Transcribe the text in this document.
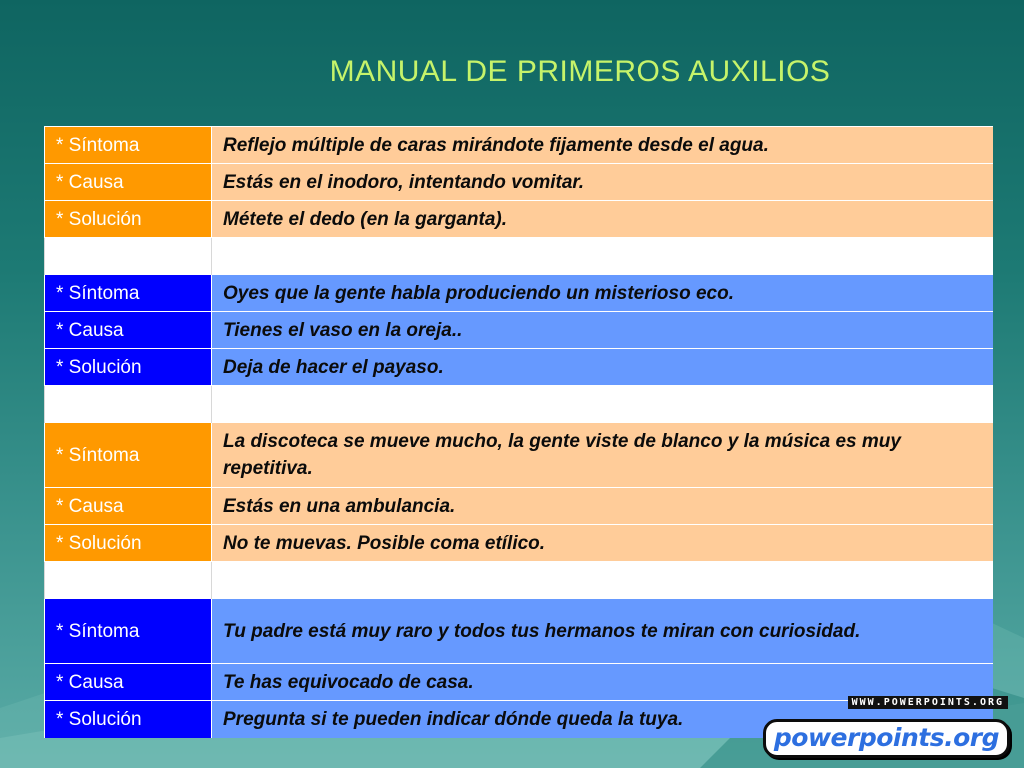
MANUAL DE PRIMEROS AUXILIOS
* Síntoma	Reflejo múltiple de caras mirándote fijamente desde el agua.
* Causa	Estás en el inodoro, intentando vomitar.
* Solución	Métete el dedo (en la garganta).

* Síntoma	Oyes que la gente habla produciendo un misterioso eco.
* Causa	Tienes el vaso en la oreja..
* Solución	Deja de hacer el payaso.

* Síntoma	La discoteca se mueve mucho, la gente viste de blanco y la música es muy repetitiva.
* Causa	Estás en una ambulancia.
* Solución	No te muevas. Posible coma etílico.

* Síntoma	Tu padre está muy raro y todos tus hermanos te miran con curiosidad.
* Causa	Te has equivocado de casa.
* Solución	Pregunta si te pueden indicar dónde queda la tuya.
WWW.POWERPOINTS.ORG
powerpoints.org
